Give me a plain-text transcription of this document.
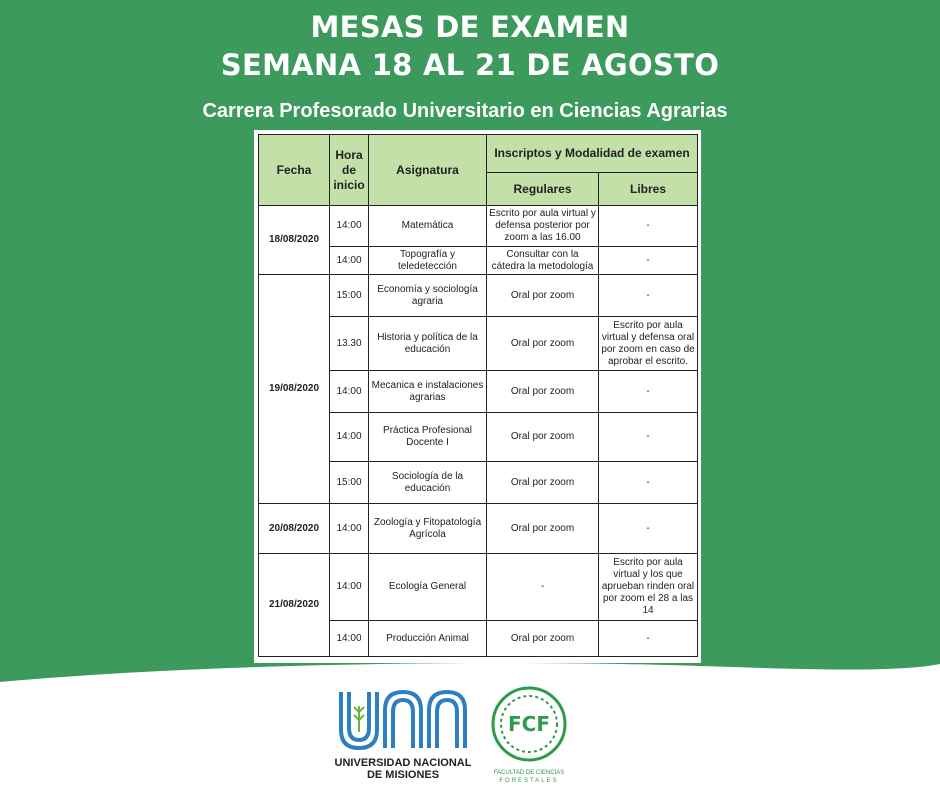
MESAS DE EXAMEN
SEMANA 18 AL 21 DE AGOSTO
Carrera Profesorado Universitario en Ciencias Agrarias
Fecha	Hora de inicio	Asignatura	Inscriptos y Modalidad de examen	
			Regulares	Libres
18/08/2020	14:00	Matemática	Escrito por aula virtual y defensa posterior por zoom a las 16.00	-
	14:00	Topografía y teledetección	Consultar con la cátedra la metodología	-
19/08/2020	15:00	Economía y sociología agraria	Oral por zoom	-
	13.30	Historia y política de la educación	Oral por zoom	Escrito por aula virtual y defensa oral por zoom en caso de aprobar el escrito.
	14:00	Mecanica e instalaciones agrarias	Oral por zoom	-
	14:00	Práctica Profesional Docente I	Oral por zoom	-
	15:00	Sociología de la educación	Oral por zoom	-
20/08/2020	14:00	Zoología y Fitopatología Agrícola	Oral por zoom	-
21/08/2020	14:00	Ecología General	-	Escrito por aula virtual y los que aprueban rinden oral por zoom el 28 a las 14
	14:00	Producción Animal	Oral por zoom	-
UNIVERSIDAD NACIONAL
DE MISIONES
FCF
FACULTAD DE CIENCIAS
FORESTALES
